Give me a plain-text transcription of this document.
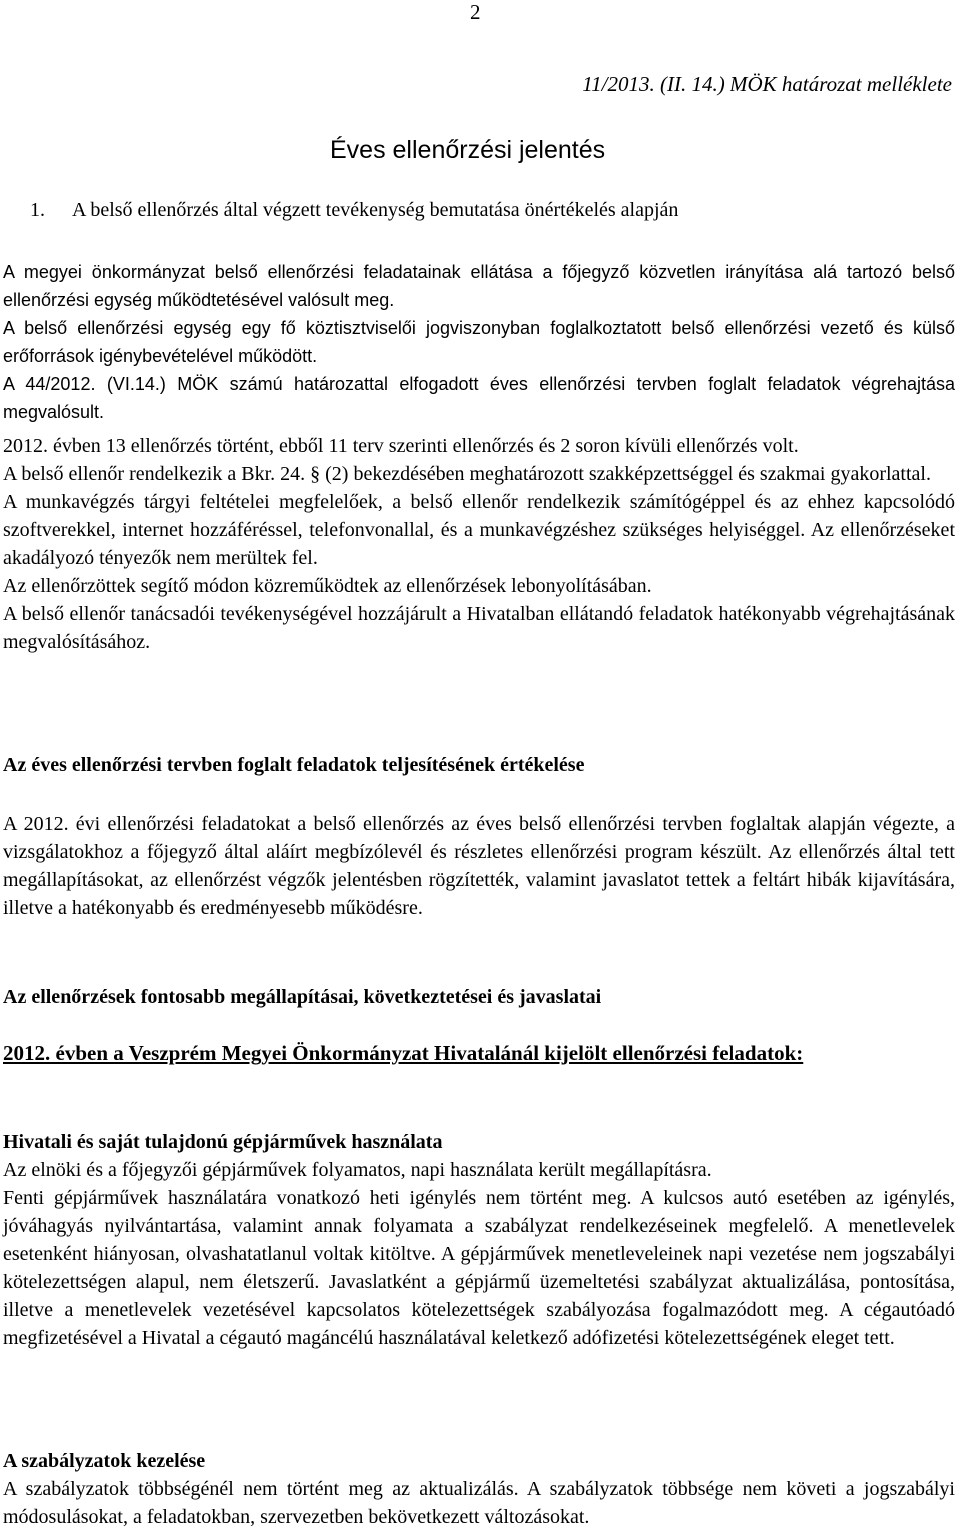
2
11/2013. (II. 14.) MÖK határozat melléklete
Éves ellenőrzési jelentés
1. A belső ellenőrzés által végzett tevékenység bemutatása önértékelés alapján

A megyei önkormányzat belső ellenőrzési feladatainak ellátása a főjegyző közvetlen irányítása alá tartozó belső ellenőrzési egység működtetésével valósult meg.

A belső ellenőrzési egység egy fő köztisztviselői jogviszonyban foglalkoztatott belső ellenőrzési vezető és külső erőforrások igénybevételével működött.

A 44/2012. (VI.14.) MÖK számú határozattal elfogadott éves ellenőrzési tervben foglalt feladatok végrehajtása megvalósult.

2012. évben 13 ellenőrzés történt, ebből 11 terv szerinti ellenőrzés és 2 soron kívüli ellenőrzés volt.

A belső ellenőr rendelkezik a Bkr. 24. § (2) bekezdésében meghatározott szakképzettséggel és szakmai gyakorlattal.

A munkavégzés tárgyi feltételei megfelelőek, a belső ellenőr rendelkezik számítógéppel és az ehhez kapcsolódó szoftverekkel, internet hozzáféréssel, telefonvonallal, és a munkavégzéshez szükséges helyiséggel. Az ellenőrzéseket akadályozó tényezők nem merültek fel.

Az ellenőrzöttek segítő módon közreműködtek az ellenőrzések lebonyolításában.

A belső ellenőr tanácsadói tevékenységével hozzájárult a Hivatalban ellátandó feladatok hatékonyabb végrehajtásának megvalósításához.

Az éves ellenőrzési tervben foglalt feladatok teljesítésének értékelése

A 2012. évi ellenőrzési feladatokat a belső ellenőrzés az éves belső ellenőrzési tervben foglaltak alapján végezte, a vizsgálatokhoz a főjegyző által aláírt megbízólevél és részletes ellenőrzési program készült. Az ellenőrzés által tett megállapításokat, az ellenőrzést végzők jelentésben rögzítették, valamint javaslatot tettek a feltárt hibák kijavítására, illetve a hatékonyabb és eredményesebb működésre.

Az ellenőrzések fontosabb megállapításai, következtetései és javaslatai
2012. évben a Veszprém Megyei Önkormányzat Hivatalánál kijelölt ellenőrzési feladatok:
Hivatali és saját tulajdonú gépjárművek használata

Az elnöki és a főjegyzői gépjárművek folyamatos, napi használata került megállapításra.

Fenti gépjárművek használatára vonatkozó heti igénylés nem történt meg. A kulcsos autó esetében az igénylés, jóváhagyás nyilvántartása, valamint annak folyamata a szabályzat rendelkezéseinek megfelelő. A menetlevelek esetenként hiányosan, olvashatatlanul voltak kitöltve. A gépjárművek menetleveleinek napi vezetése nem jogszabályi kötelezettségen alapul, nem életszerű. Javaslatként a gépjármű üzemeltetési szabályzat aktualizálása, pontosítása, illetve a menetlevelek vezetésével kapcsolatos kötelezettségek szabályozása fogalmazódott meg. A cégautóadó megfizetésével a Hivatal a cégautó magáncélú használatával keletkező adófizetési kötelezettségének eleget tett.

A szabályzatok kezelése

A szabályzatok többségénél nem történt meg az aktualizálás. A szabályzatok többsége nem követi a jogszabályi módosulásokat, a feladatokban, szervezetben bekövetkezett változásokat.
